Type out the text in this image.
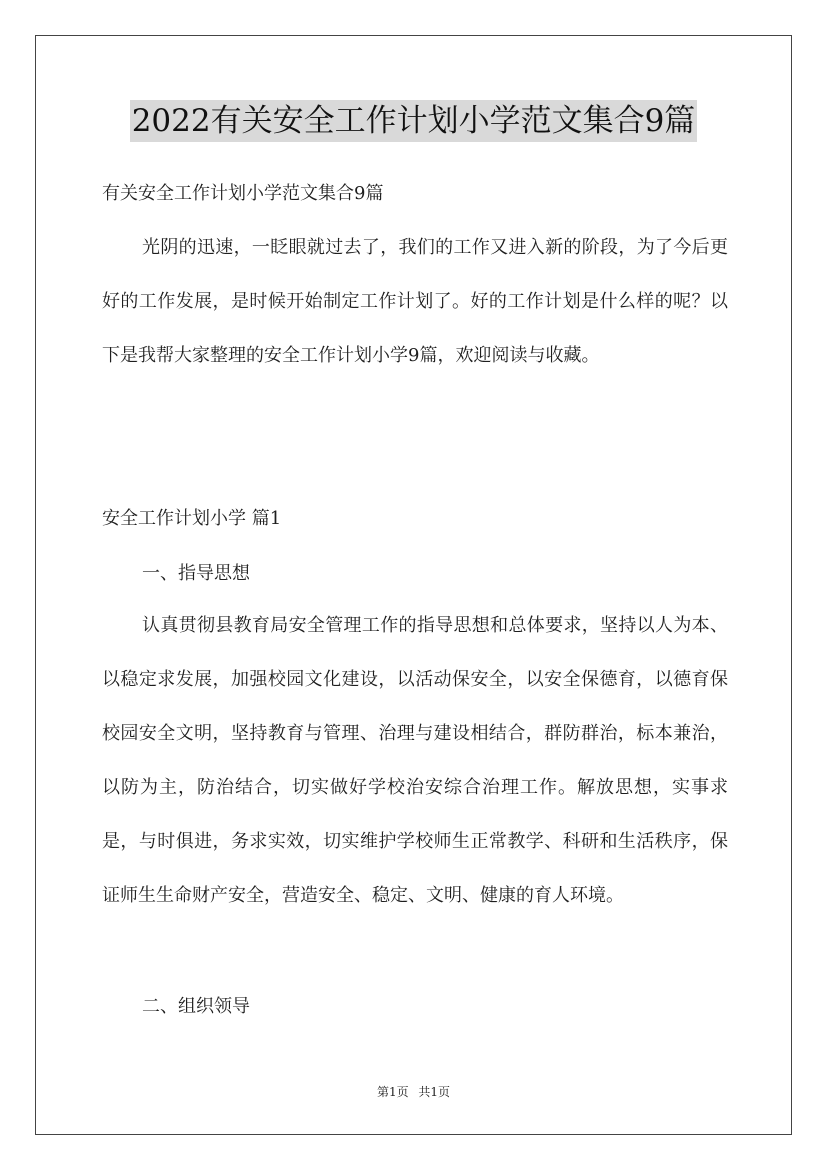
2022有关安全工作计划小学范文集合9篇
有关安全工作计划小学范文集合9篇
光阴的迅速，一眨眼就过去了，我们的工作又进入新的阶段，为了今后更好的工作发展，是时候开始制定工作计划了。好的工作计划是什么样的呢？以下是我帮大家整理的安全工作计划小学9篇，欢迎阅读与收藏。
安全工作计划小学 篇1
一、指导思想
认真贯彻县教育局安全管理工作的指导思想和总体要求，坚持以人为本、以稳定求发展，加强校园文化建设，以活动保安全，以安全保德育，以德育保校园安全文明，坚持教育与管理、治理与建设相结合，群防群治，标本兼治，以防为主，防治结合，切实做好学校治安综合治理工作。解放思想，实事求是，与时俱进，务求实效，切实维护学校师生正常教学、科研和生活秩序，保证师生生命财产安全，营造安全、稳定、文明、健康的育人环境。
二、组织领导
第1页 共1页
